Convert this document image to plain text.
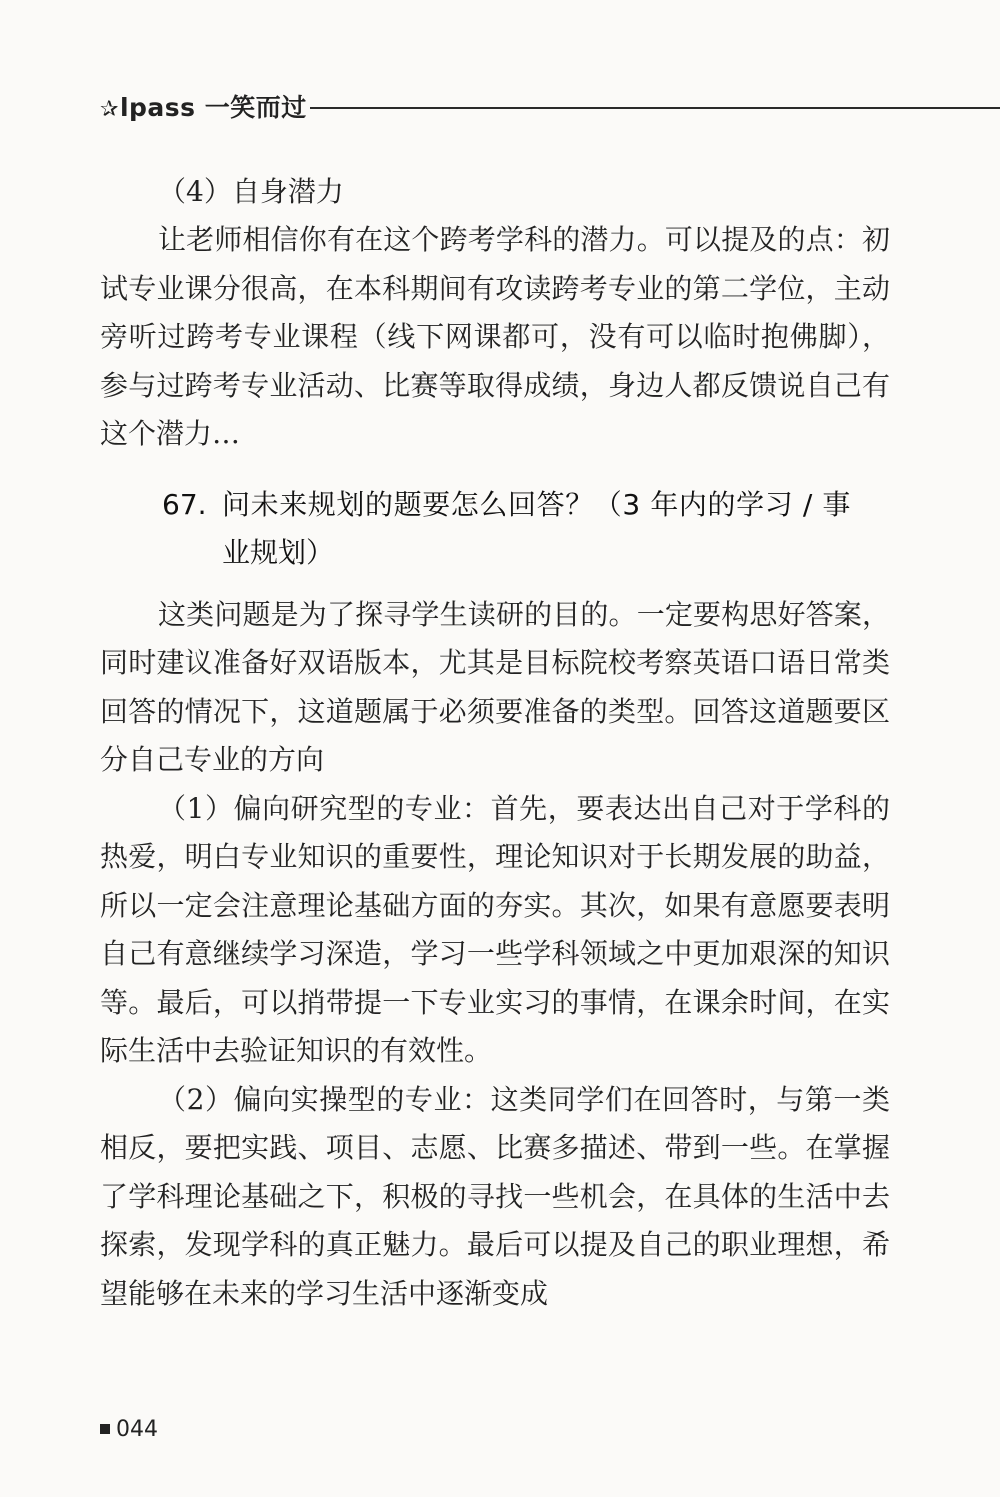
✰lpass 一笑而过

（4）自身潜力

让老师相信你有在这个跨考学科的潜力。可以提及的点：初试专业课分很高，在本科期间有攻读跨考专业的第二学位，主动旁听过跨考专业课程（线下网课都可，没有可以临时抱佛脚），参与过跨考专业活动、比赛等取得成绩，身边人都反馈说自己有这个潜力…

67. 问未来规划的题要怎么回答？（3 年内的学习 / 事
业规划）

这类问题是为了探寻学生读研的目的。一定要构思好答案，同时建议准备好双语版本，尤其是目标院校考察英语口语日常类回答的情况下，这道题属于必须要准备的类型。回答这道题要区分自己专业的方向

（1）偏向研究型的专业：首先，要表达出自己对于学科的热爱，明白专业知识的重要性，理论知识对于长期发展的助益，所以一定会注意理论基础方面的夯实。其次，如果有意愿要表明自己有意继续学习深造，学习一些学科领域之中更加艰深的知识等。最后，可以捎带提一下专业实习的事情，在课余时间，在实际生活中去验证知识的有效性。

（2）偏向实操型的专业：这类同学们在回答时，与第一类相反，要把实践、项目、志愿、比赛多描述、带到一些。在掌握了学科理论基础之下，积极的寻找一些机会，在具体的生活中去探索，发现学科的真正魅力。最后可以提及自己的职业理想，希望能够在未来的学习生活中逐渐变成

044
